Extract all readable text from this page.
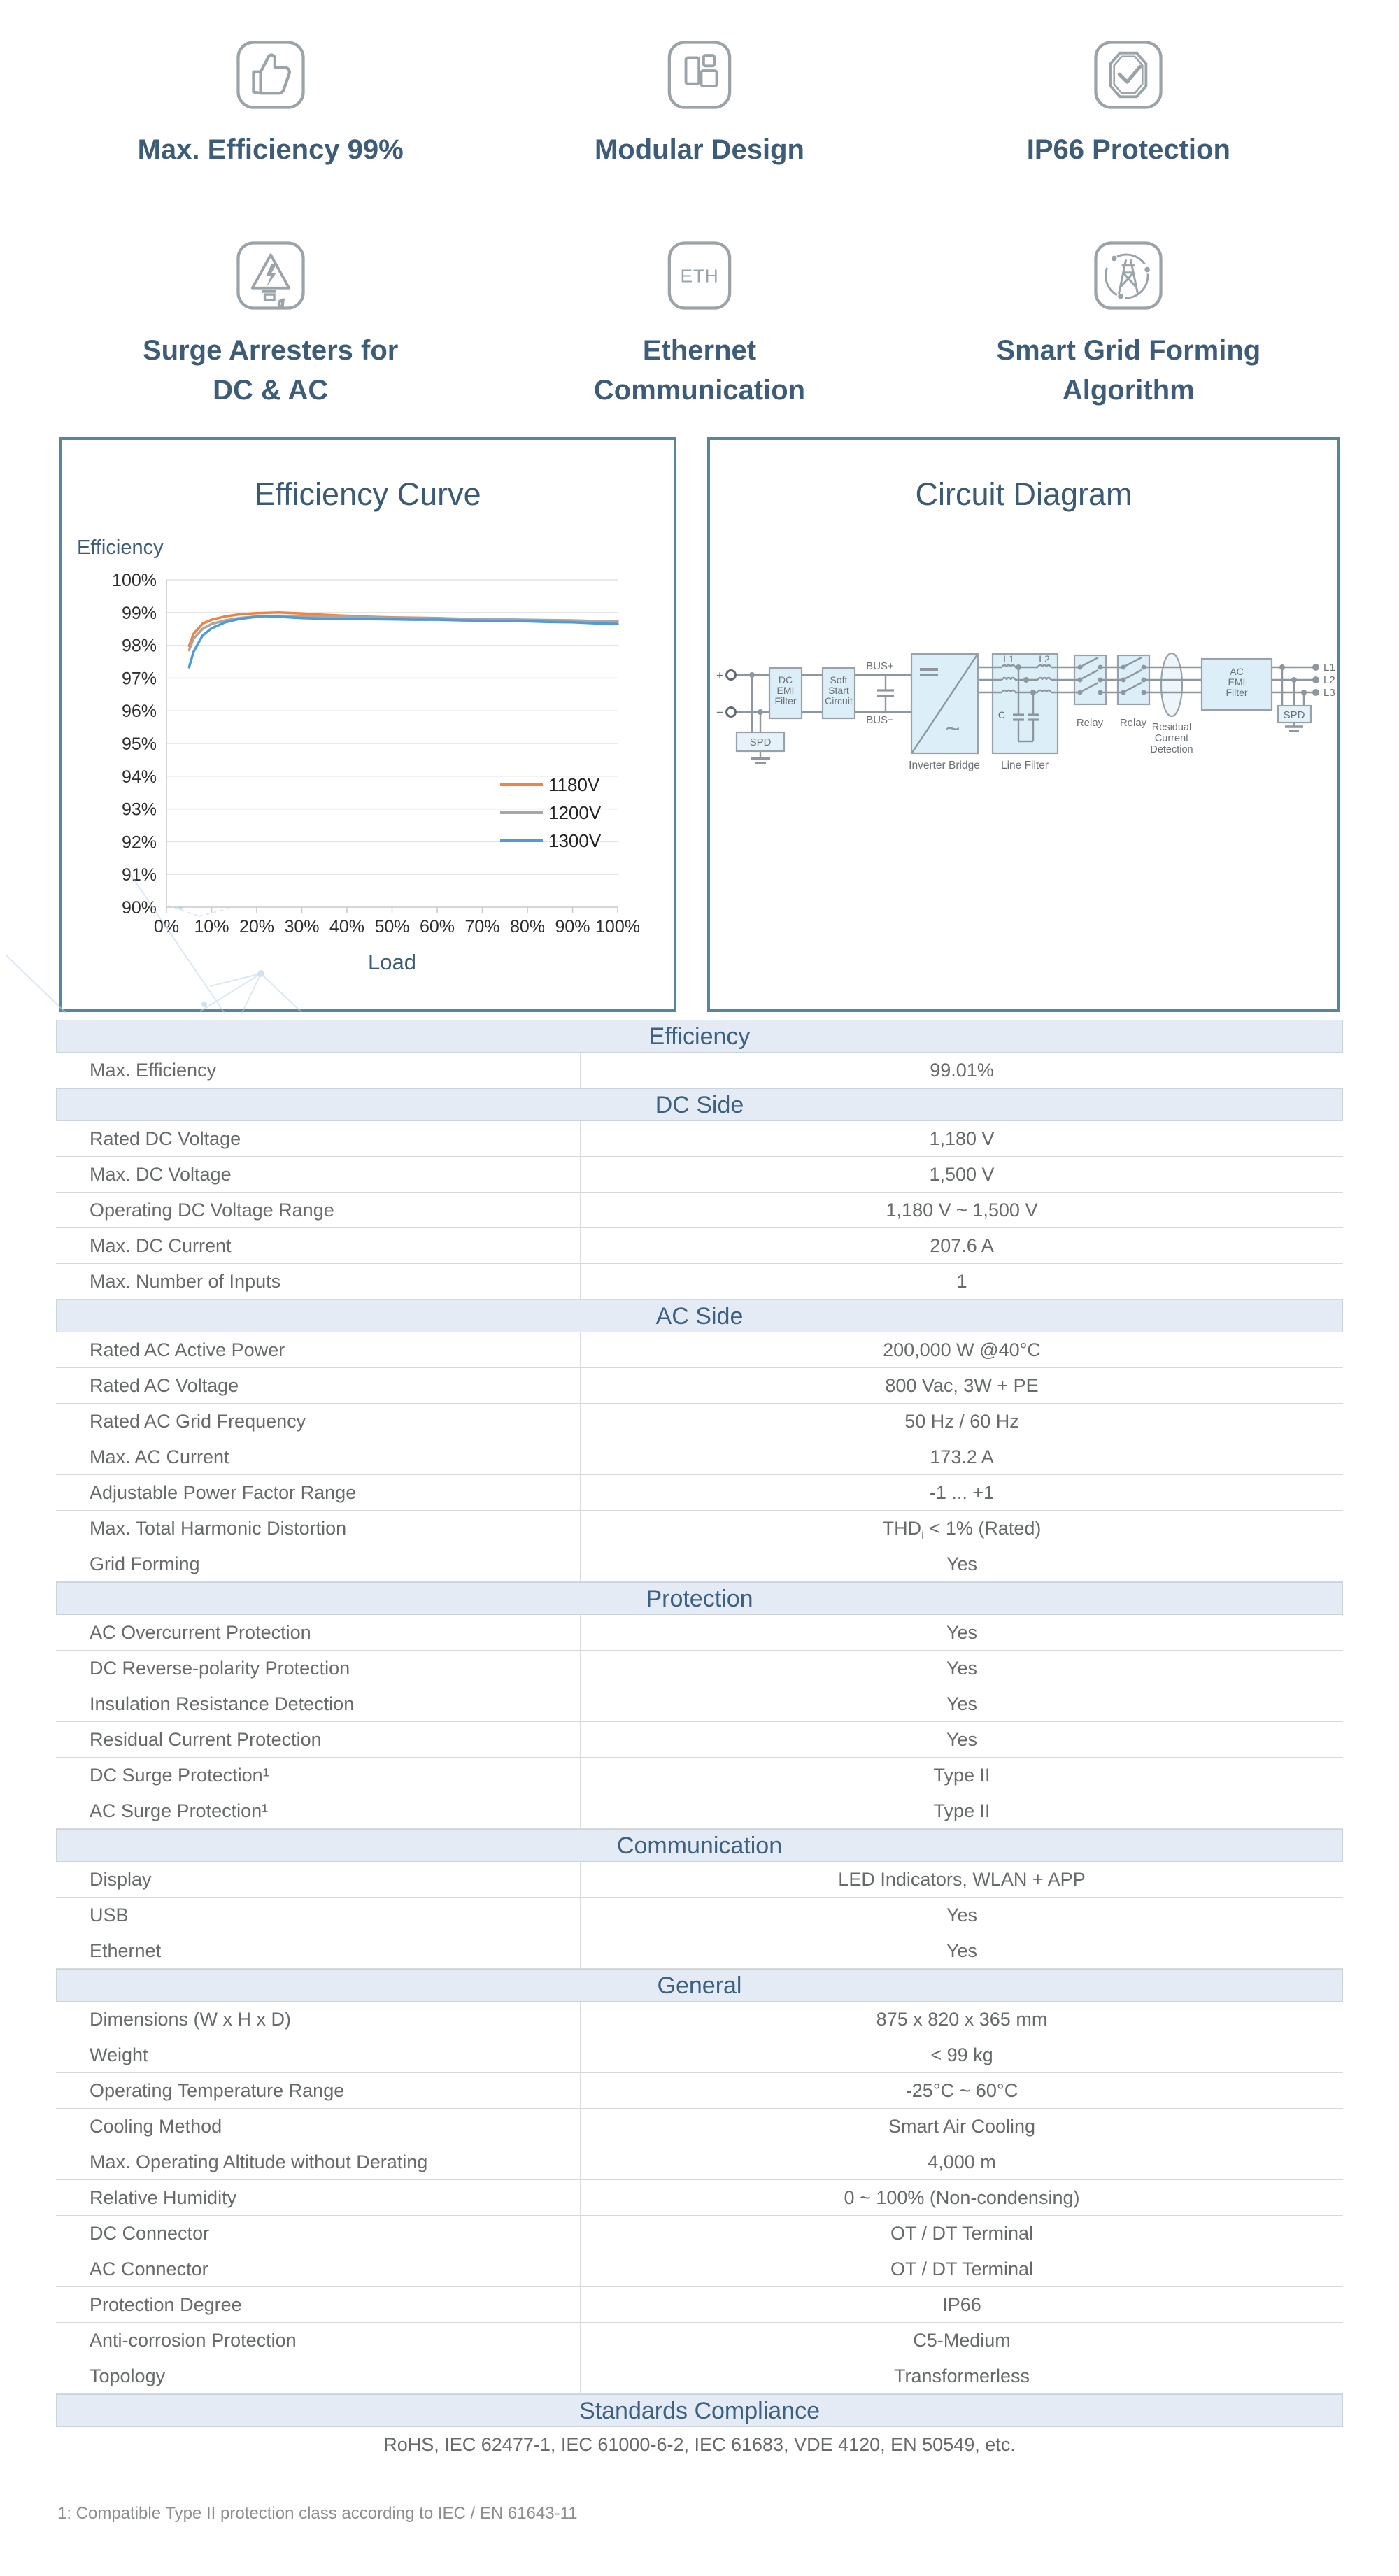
Max. Efficiency 99%	Modular Design	IP66 Protection
Surge Arresters for
DC & AC
ETH
Ethernet
Communication
Smart Grid Forming
Algorithm
Efficiency Curve
0% 10% 20% 30% 40% 50% 60% 70% 80% 90% 100%
100%
99%
98%
97%
96%
95%
94%
93%
92%
91%
90%
1180V
1200V
1300V
Efficiency
Load
Circuit Diagram
+
−
SPD
DC
EMI
Filter
Soft
Start
Circuit
BUS+
BUS− ~
Inverter Bridge Line Filter
L1	L2
C
Relay Relay Residual
Current
Detection
AC
EMI
Filter
SPD
L1
L2
L3
Efficiency
Max. Efficiency	99.01%
DC Side
Rated DC Voltage	1,180 V
Max. DC Voltage	1,500 V
Operating DC Voltage Range	1,180 V ~ 1,500 V
Max. DC Current	207.6 A
Max. Number of Inputs	1
AC Side
Rated AC Active Power	200,000 W @40°C
Rated AC Voltage	800 Vac, 3W + PE
Rated AC Grid Frequency	50 Hz / 60 Hz
Max. AC Current	173.2 A
Adjustable Power Factor Range	-1 ... +1
Max. Total Harmonic Distortion	$THD_i < 1\%$ (Rated)
Grid Forming	Yes
Protection
AC Overcurrent Protection	Yes
DC Reverse-polarity Protection	Yes
Insulation Resistance Detection	Yes
Residual Current Protection	Yes
DC Surge Protection¹	Type II
AC Surge Protection¹	Type II
Communication
Display	LED Indicators, WLAN + APP
USB	Yes
Ethernet	Yes
General
Dimensions (W x H x D)	875 x 820 x 365 mm
Weight	< 99 kg
Operating Temperature Range	-25°C ~ 60°C
Cooling Method	Smart Air Cooling
Max. Operating Altitude without Derating	4,000 m
Relative Humidity	0 ~ 100% (Non-condensing)
DC Connector	OT / DT Terminal
AC Connector	OT / DT Terminal
Protection Degree	IP66
Anti-corrosion Protection	C5-Medium
Topology	Transformerless
Standards Compliance
RoHS, IEC 62477-1, IEC 61000-6-2, IEC 61683, VDE 4120, EN 50549, etc.
1: Compatible Type II protection class according to IEC / EN 61643-11
